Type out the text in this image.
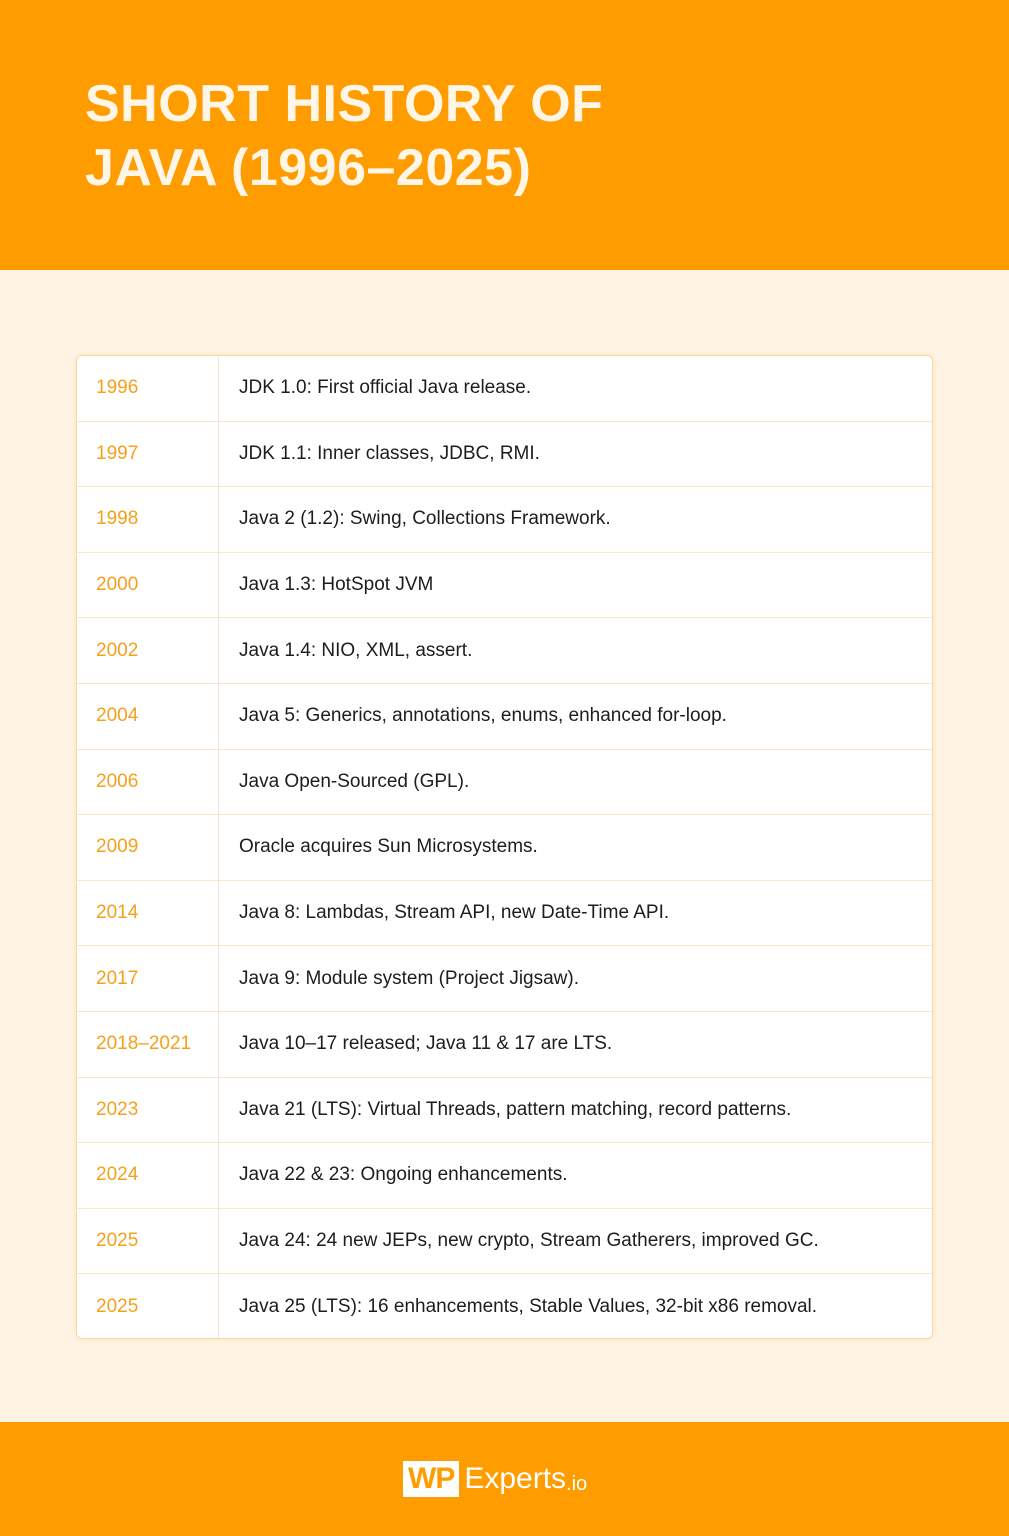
SHORT HISTORY OF
JAVA (1996–2025)
1996	JDK 1.0: First official Java release.
1997	JDK 1.1: Inner classes, JDBC, RMI.
1998	Java 2 (1.2): Swing, Collections Framework.
2000	Java 1.3: HotSpot JVM
2002	Java 1.4: NIO, XML, assert.
2004	Java 5: Generics, annotations, enums, enhanced for-loop.
2006	Java Open-Sourced (GPL).
2009	Oracle acquires Sun Microsystems.
2014	Java 8: Lambdas, Stream API, new Date-Time API.
2017	Java 9: Module system (Project Jigsaw).
2018–2021	Java 10–17 released; Java 11 & 17 are LTS.
2023	Java 21 (LTS): Virtual Threads, pattern matching, record patterns.
2024	Java 22 & 23: Ongoing enhancements.
2025	Java 24: 24 new JEPs, new crypto, Stream Gatherers, improved GC.
2025	Java 25 (LTS): 16 enhancements, Stable Values, 32-bit x86 removal.
WP Experts .io
